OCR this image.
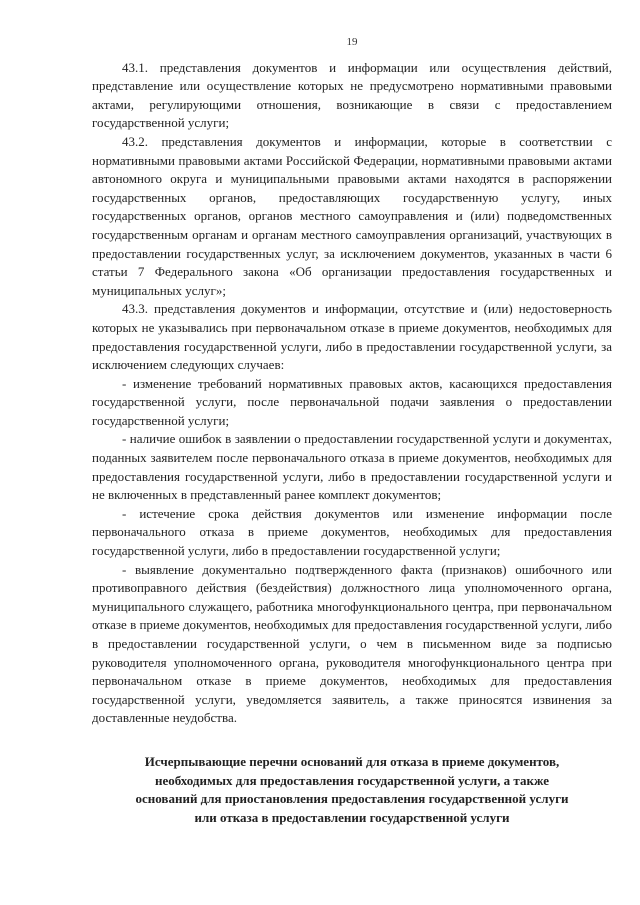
19

43.1. представления документов и информации или осуществления действий, представление или осуществление которых не предусмотрено нормативными правовыми актами, регулирующими отношения, возникающие в связи с предоставлением государственной услуги;

43.2. представления документов и информации, которые в соответствии с нормативными правовыми актами Российской Федерации, нормативными правовыми актами автономного округа и муниципальными правовыми актами находятся в распоряжении государственных органов, предоставляющих государственную услугу, иных государственных органов, органов местного самоуправления и (или) подведомственных государственным органам и органам местного самоуправления организаций, участвующих в предоставлении государственных услуг, за исключением документов, указанных в части 6 статьи 7 Федерального закона «Об организации предоставления государственных и муниципальных услуг»;

43.3. представления документов и информации, отсутствие и (или) недостоверность которых не указывались при первоначальном отказе в приеме документов, необходимых для предоставления государственной услуги, либо в предоставлении государственной услуги, за исключением следующих случаев:

- изменение требований нормативных правовых актов, касающихся предоставления государственной услуги, после первоначальной подачи заявления о предоставлении государственной услуги;

- наличие ошибок в заявлении о предоставлении государственной услуги и документах, поданных заявителем после первоначального отказа в приеме документов, необходимых для предоставления государственной услуги, либо в предоставлении государственной услуги и не включенных в представленный ранее комплект документов;

- истечение срока действия документов или изменение информации после первоначального отказа в приеме документов, необходимых для предоставления государственной услуги, либо в предоставлении государственной услуги;

- выявление документально подтвержденного факта (признаков) ошибочного или противоправного действия (бездействия) должностного лица уполномоченного органа, муниципального служащего, работника многофункционального центра, при первоначальном отказе в приеме документов, необходимых для предоставления государственной услуги, либо в предоставлении государственной услуги, о чем в письменном виде за подписью руководителя уполномоченного органа, руководителя многофункционального центра при первоначальном отказе в приеме документов, необходимых для предоставления государственной услуги, уведомляется заявитель, а также приносятся извинения за доставленные неудобства.

Исчерпывающие перечни оснований для отказа в приеме документов,
необходимых для предоставления государственной услуги, а также
оснований для приостановления предоставления государственной услуги
или отказа в предоставлении государственной услуги
